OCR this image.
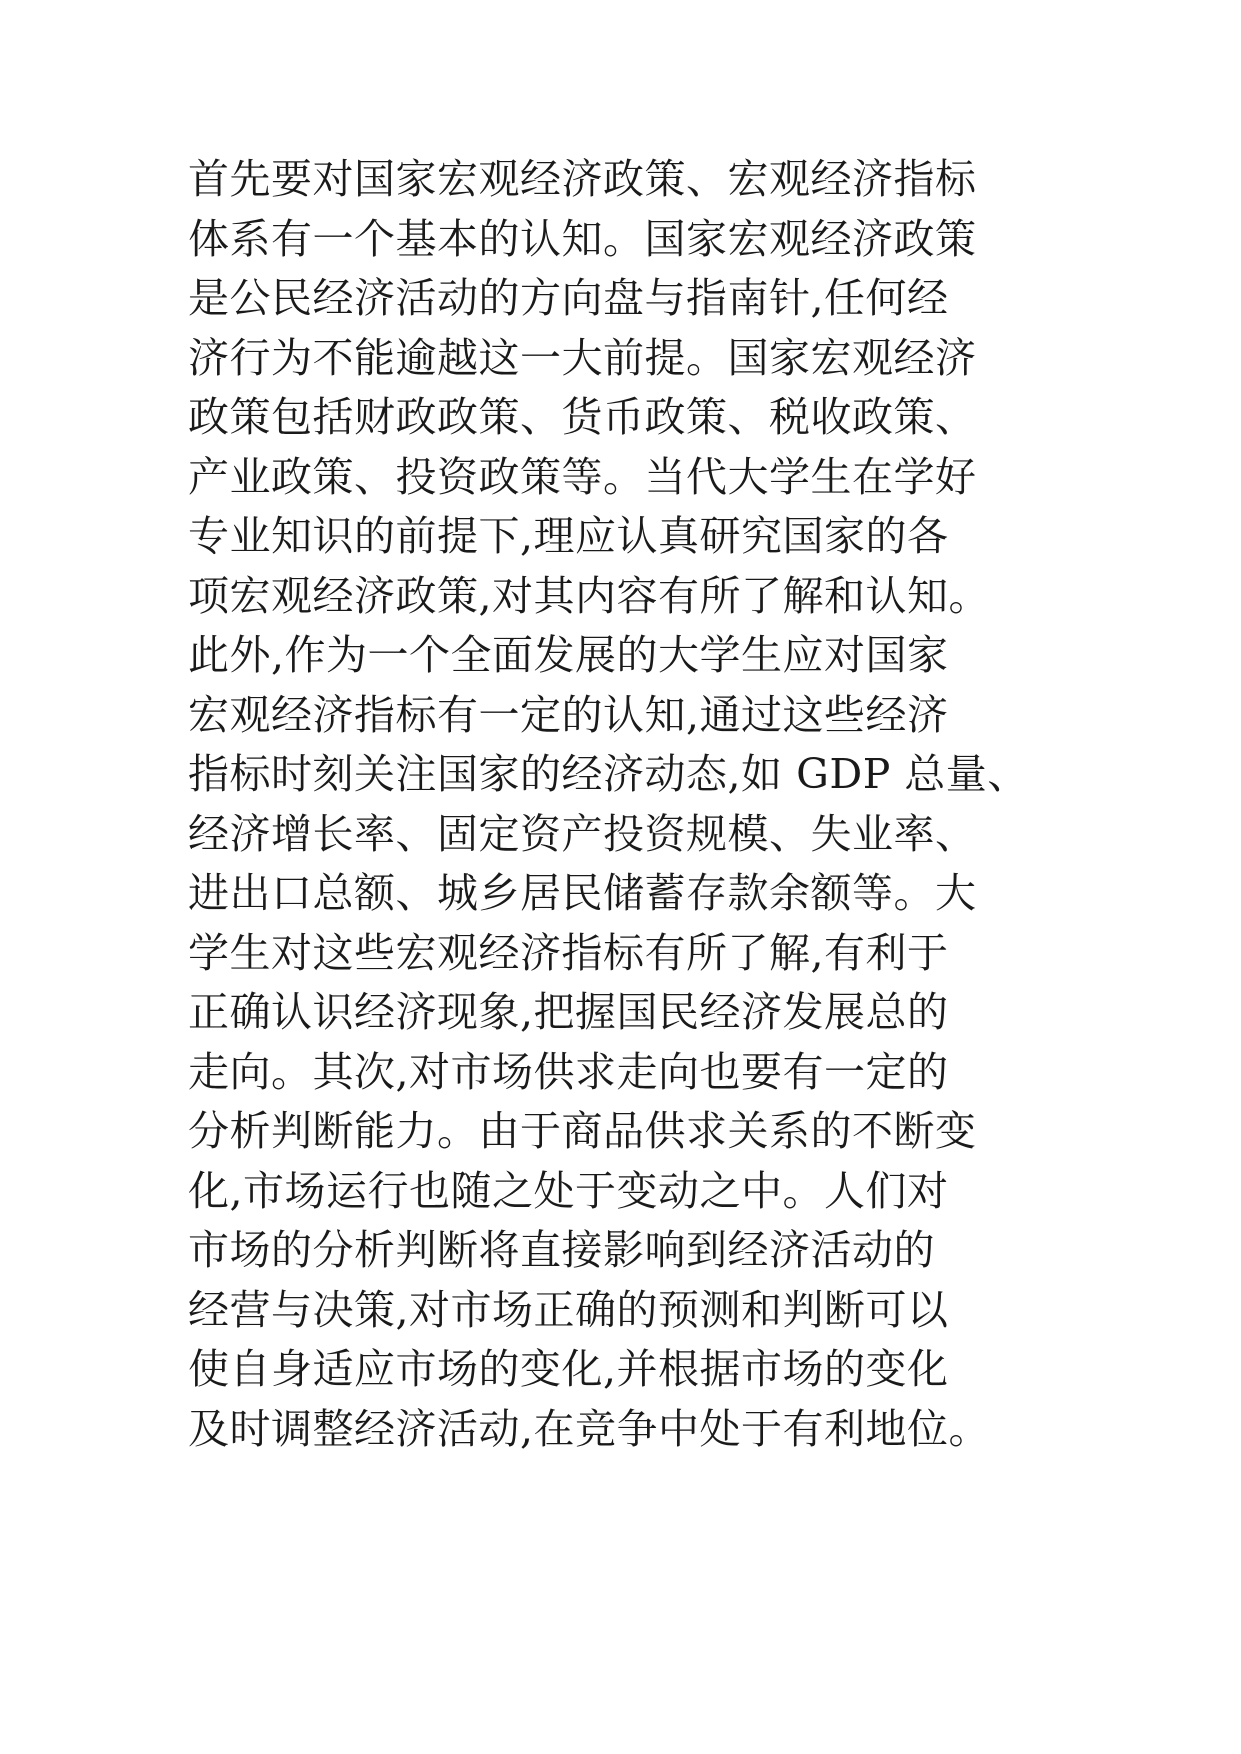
首先要对国家宏观经济政策、宏观经济指标
体系有一个基本的认知。国家宏观经济政策
是公民经济活动的方向盘与指南针,任何经
济行为不能逾越这一大前提。国家宏观经济
政策包括财政政策、货币政策、税收政策、
产业政策、投资政策等。当代大学生在学好
专业知识的前提下,理应认真研究国家的各
项宏观经济政策,对其内容有所了解和认知。
此外,作为一个全面发展的大学生应对国家
宏观经济指标有一定的认知,通过这些经济
指标时刻关注国家的经济动态,如 GDP 总量、
经济增长率、固定资产投资规模、失业率、
进出口总额、城乡居民储蓄存款余额等。大
学生对这些宏观经济指标有所了解,有利于
正确认识经济现象,把握国民经济发展总的
走向。其次,对市场供求走向也要有一定的
分析判断能力。由于商品供求关系的不断变
化,市场运行也随之处于变动之中。人们对
市场的分析判断将直接影响到经济活动的
经营与决策,对市场正确的预测和判断可以
使自身适应市场的变化,并根据市场的变化
及时调整经济活动,在竞争中处于有利地位。
